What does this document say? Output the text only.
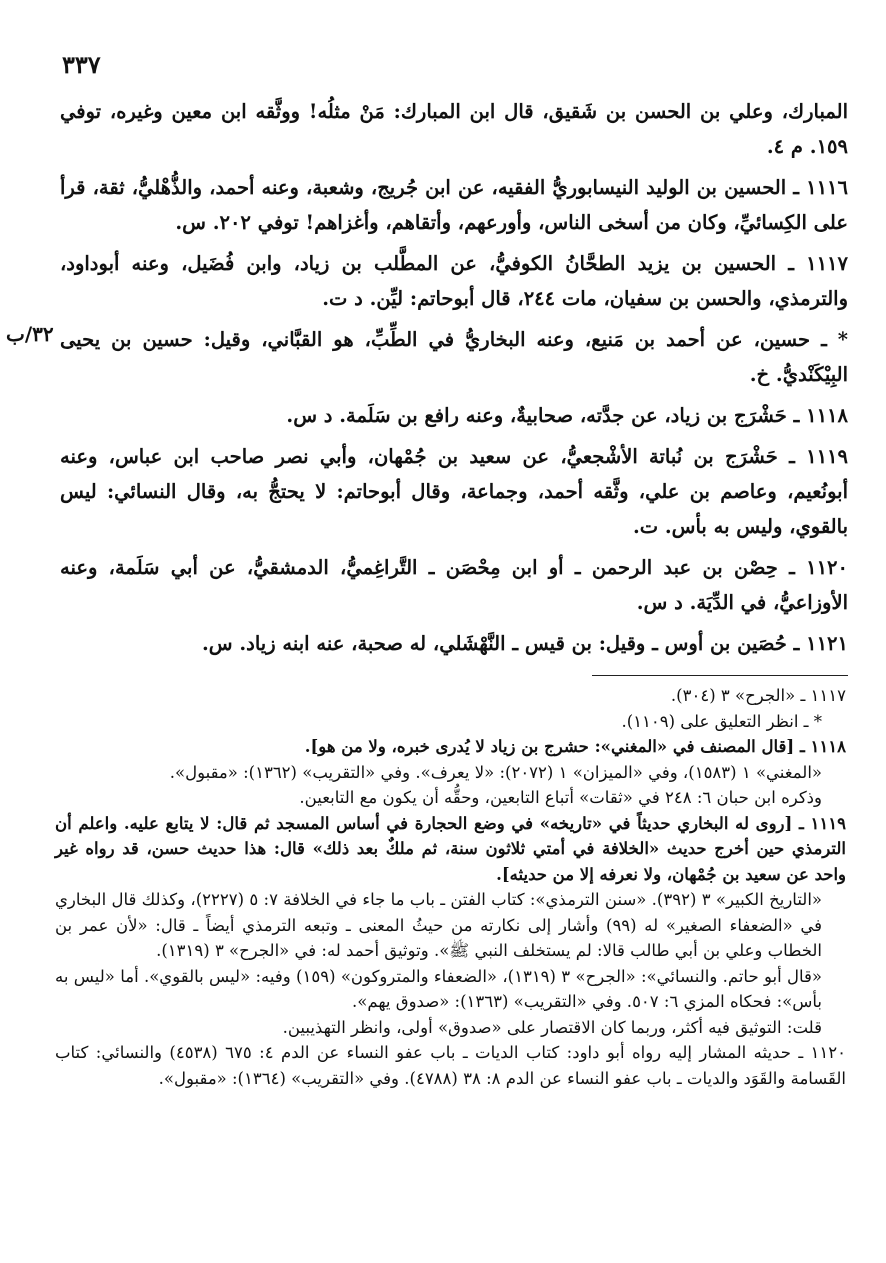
٣٣٧
٣٢/ب

المبارك، وعلي بن الحسن بن شَقيق، قال ابن المبارك: مَنْ مثلُه! ووثَّقه ابن معين وغيره، توفي ١٥٩. م ٤.

١١١٦ ـ الحسين بن الوليد النيسابوريُّ الفقيه، عن ابن جُريج، وشعبة، وعنه أحمد، والذُّهْليُّ، ثقة، قرأ على الكِسائيِّ، وكان من أسخى الناس، وأورعهم، وأتقاهم، وأغزاهم! توفي ٢٠٢. س.

١١١٧ ـ الحسين بن يزيد الطحَّانُ الكوفيُّ، عن المطَّلب بن زياد، وابن فُضَيل، وعنه أبوداود، والترمذي، والحسن بن سفيان، مات ٢٤٤، قال أبوحاتم: ليِّن. د ت.

* ـ حسين، عن أحمد بن مَنيع، وعنه البخاريُّ في الطِّبِّ، هو القبَّاني، وقيل: حسين بن يحيى البِيْكَنْديُّ. خ.

١١١٨ ـ حَشْرَج بن زياد، عن جدَّته، صحابيةٌ، وعنه رافع بن سَلَمة. د س.

١١١٩ ـ حَشْرَج بن نُباتة الأشْجعيُّ، عن سعيد بن جُمْهان، وأبي نصر صاحب ابن عباس، وعنه أبونُعيم، وعاصم بن علي، وثَّقه أحمد، وجماعة، وقال أبوحاتم: لا يحتجُّ به، وقال النسائي: ليس بالقوي، وليس به بأس. ت.

١١٢٠ ـ حِصْن بن عبد الرحمن ـ أو ابن مِحْصَن ـ التَّراغِميُّ، الدمشقيُّ، عن أبي سَلَمة، وعنه الأوزاعيُّ، في الدِّيَة. د س.

١١٢١ ـ حُصَين بن أوس ـ وقيل: بن قيس ـ النَّهْشَلي، له صحبة، عنه ابنه زياد. س.

١١١٧ ـ «الجرح» ٣ (٣٠٤).

* ـ انظر التعليق على (١١٠٩).

١١١٨ ـ [قال المصنف في «المغني»: حشرج بن زياد لا يُدرى خبره، ولا من هو].

«المغني» ١ (١٥٨٣)، وفي «الميزان» ١ (٢٠٧٢): «لا يعرف». وفي «التقريب» (١٣٦٢): «مقبول».

وذكره ابن حبان ٦: ٢٤٨ في «ثقات» أتباع التابعين، وحقُّه أن يكون مع التابعين.

١١١٩ ـ [روى له البخاري حديثاً في «تاريخه» في وضع الحجارة في أساس المسجد ثم قال: لا يتابع عليه. واعلم أن الترمذي حين أخرج حديث «الخلافة في أمتي ثلاثون سنة، ثم ملكٌ بعد ذلك» قال: هذا حديث حسن، قد رواه غير واحد عن سعيد بن جُمْهان، ولا نعرفه إلا من حديثه].

«التاريخ الكبير» ٣ (٣٩٢). «سنن الترمذي»: كتاب الفتن ـ باب ما جاء في الخلافة ٧: ٥ (٢٢٢٧)، وكذلك قال البخاري في «الضعفاء الصغير» له (٩٩) وأشار إلى نكارته من حيثُ المعنى ـ وتبعه الترمذي أيضاً ـ قال: «لأن عمر بن الخطاب وعلي بن أبي طالب قالا: لم يستخلف النبي ﷺ». وتوثيق أحمد له: في «الجرح» ٣ (١٣١٩).

«قال أبو حاتم. والنسائي»: «الجرح» ٣ (١٣١٩)، «الضعفاء والمتروكون» (١٥٩) وفيه: «ليس بالقوي». أما «ليس به بأس»: فحكاه المزي ٦: ٥٠٧. وفي «التقريب» (١٣٦٣): «صدوق يهم».

قلت: التوثيق فيه أكثر، وربما كان الاقتصار على «صدوق» أولى، وانظر التهذيبين.

١١٢٠ ـ حديثه المشار إليه رواه أبو داود: كتاب الديات ـ باب عفو النساء عن الدم ٤: ٦٧٥ (٤٥٣٨) والنسائي: كتاب القَسامة والقَوَد والديات ـ باب عفو النساء عن الدم ٨: ٣٨ (٤٧٨٨). وفي «التقريب» (١٣٦٤): «مقبول».
